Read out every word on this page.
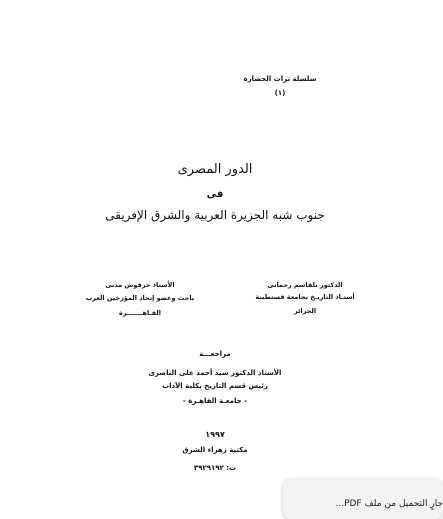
سلسلة تراث الحضارة
(١)
الدور المصرى
فى
جنوب شبه الجزيرة العربية والشرق الإفريقى
الدكتور بلقاسم رحمانى
أستـاذ التاريـخ بجامعة قسنطينة
الجزائر
الأستاذ حرقوش مدنى
باحث وعضو إتحاد المؤرخين العرب
القـاهـــــــرة
مراجعـــة
الأستاذ الدكتور سيد أحمد على الناصرى
رئيس قسم التاريخ بكلية الآداب
- جامعـة القاهـرة -
١٩٩٧
مكتبة زهراء الشرق
ت: ٣٩٢٩١٩٢
جارٍ التحميل من ملف PDF...
